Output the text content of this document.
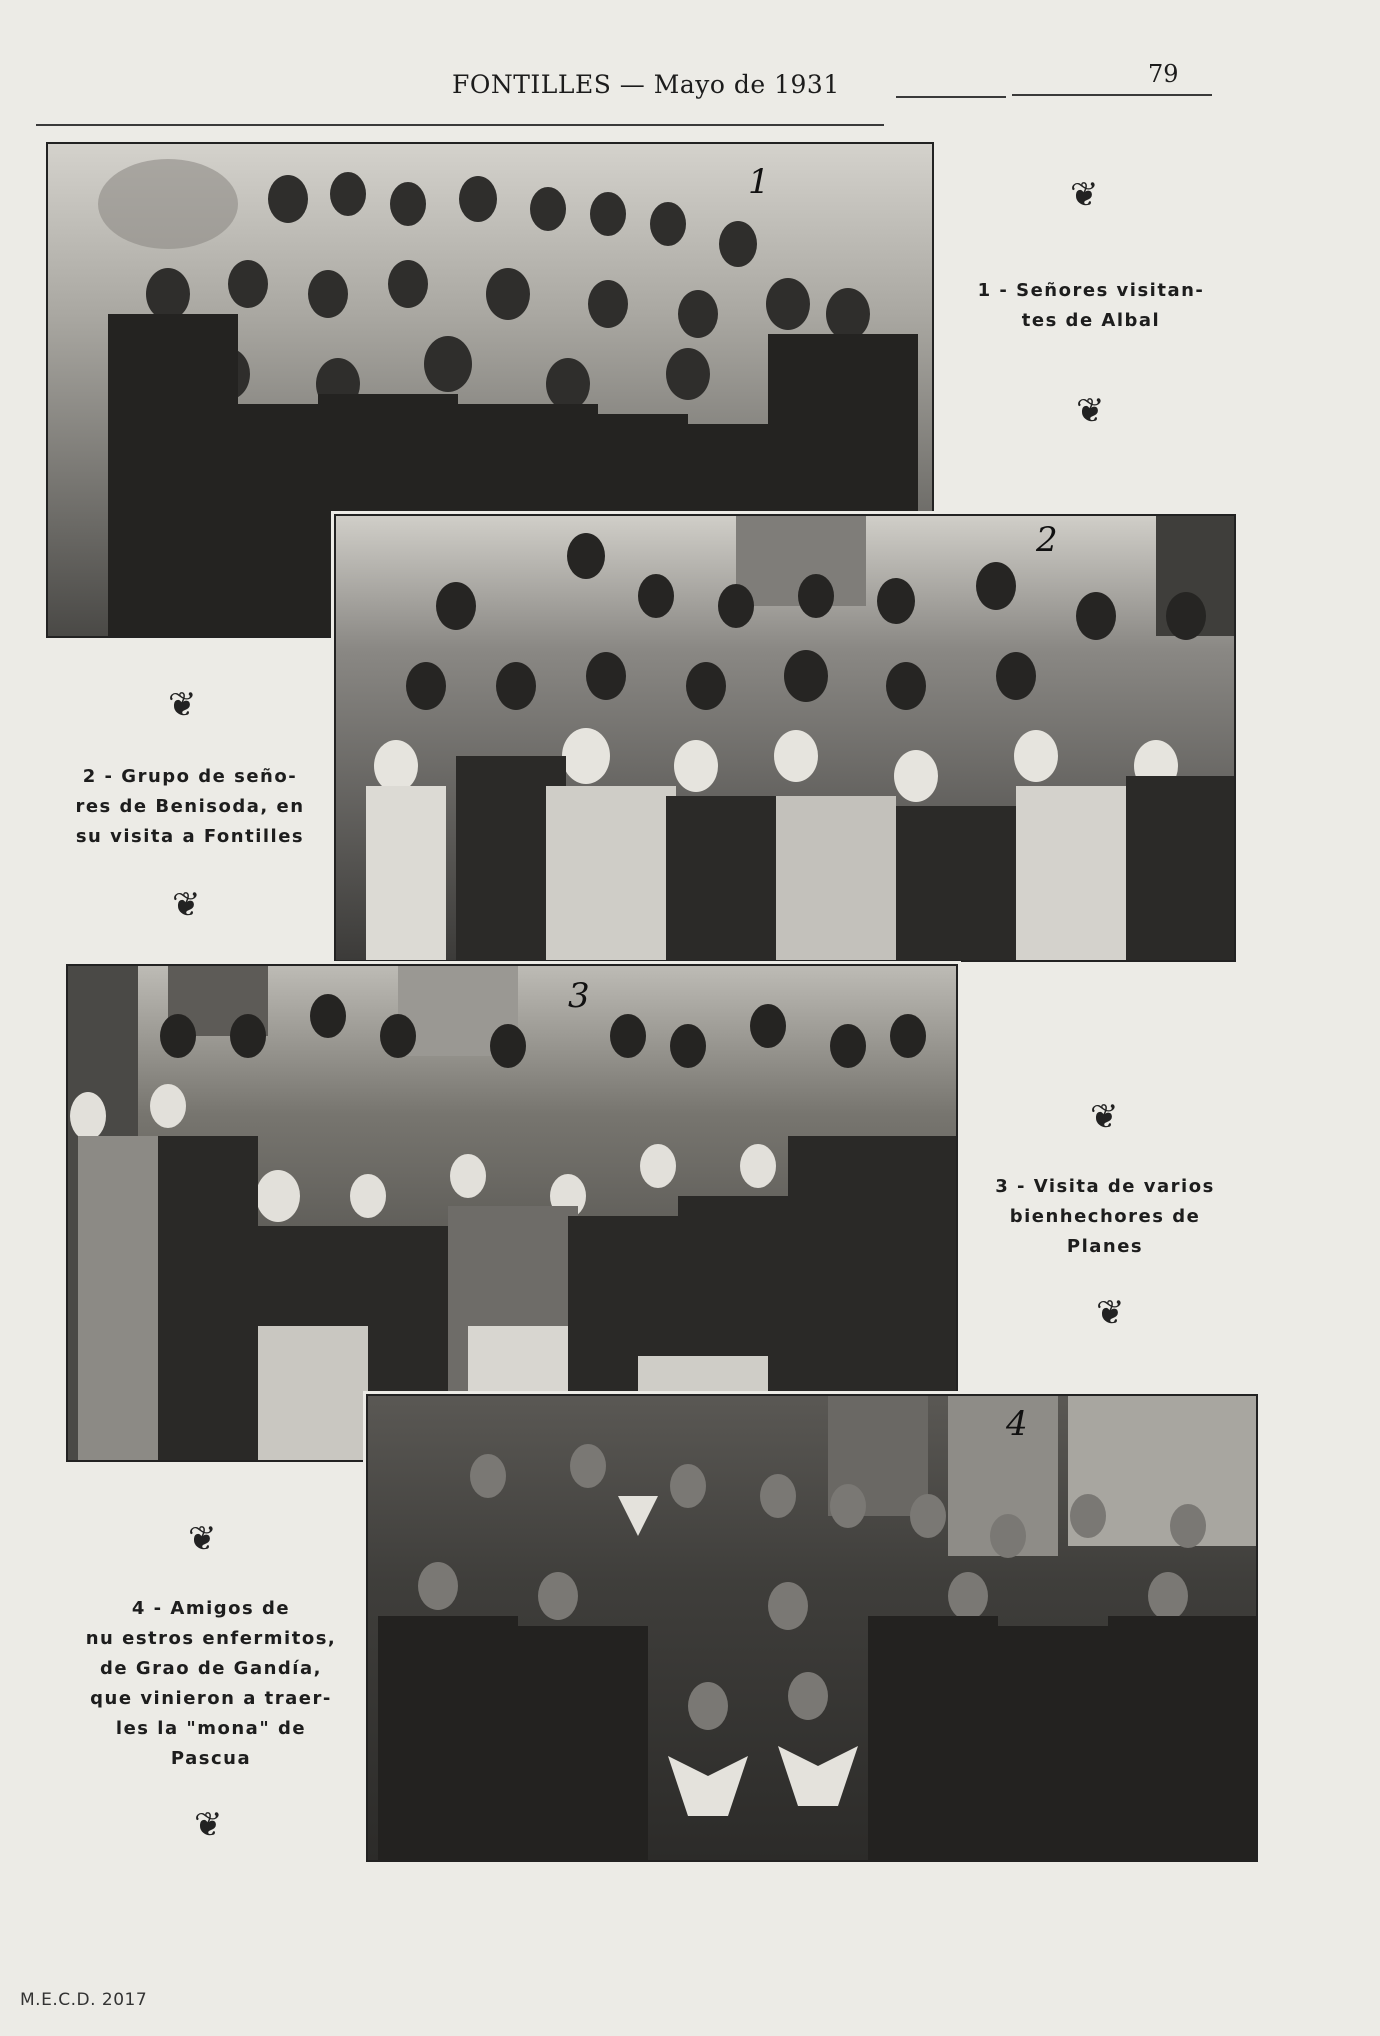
FONTILLES — Mayo de 1931	79
1
2
3
4
❦
1 - Señores visitan-
tes de Albal
❦
❦
2 - Grupo de seño-
res de Benisoda, en
su visita a Fontilles
❦
❦
3 - Visita de varios
bienhechores de
Planes
❦
❦
4 - Amigos de
nu estros enfermitos,
de Grao de Gandía,
que vinieron a traer-
les la "mona" de
Pascua
❦
M.E.C.D. 2017
